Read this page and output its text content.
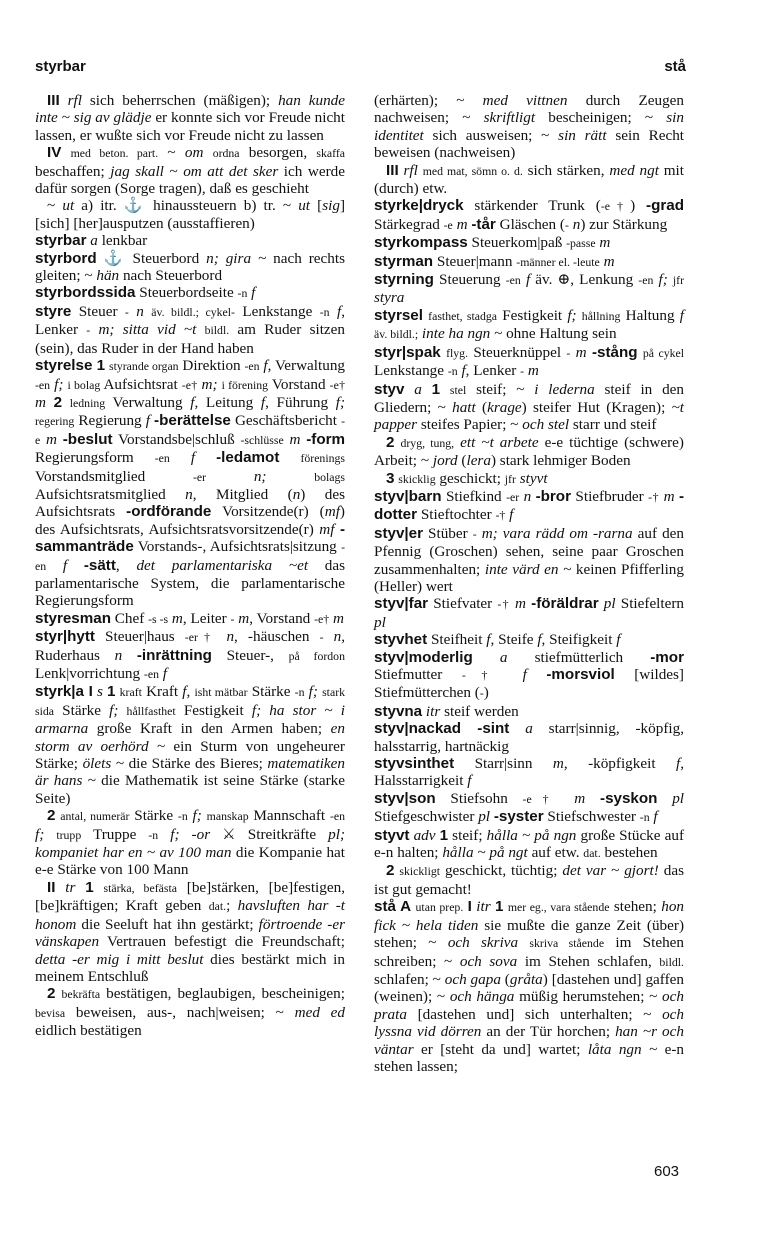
styrbar	stå

III rfl sich beherrschen (mäßigen); han kunde inte ~ sig av glädje er konnte sich vor Freude nicht lassen, er wußte sich vor Freude nicht zu lassen

IV med beton. part. ~ om ordna besorgen, skaffa beschaffen; jag skall ~ om att det sker ich werde dafür sorgen (Sorge tragen), daß es geschieht

~ ut a) itr. ⚓ hinaussteuern b) tr. ~ ut [sig] [sich] [her]ausputzen (ausstaffieren)

styrbar a lenkbar

styrbord ⚓ Steuerbord n; gira ~ nach rechts gleiten; ~ hän nach Steuerbord

styrbordssida Steuerbordseite -n f

styre Steuer - n äv. bildl.; cykel- Lenkstange -n f, Lenker - m; sitta vid ~t bildl. am Ruder sitzen (sein), das Ruder in der Hand haben

styrelse 1 styrande organ Direktion -en f, Verwaltung -en f; i bolag Aufsichtsrat -e† m; i förening Vorstand -e† m 2 ledning Verwaltung f, Leitung f, Führung f; regering Regierung f -berättelse Geschäftsbericht -e m -beslut Vorstandsbe|schluß -schlüsse m -form Regierungsform -en f -ledamot förenings Vorstandsmitglied -er	n;	bolags Aufsichtsratsmitglied n, Mitglied (n) des Aufsichtsrats -ordförande Vorsitzende(r) (mf) des Aufsichtsrats, Aufsichtsratsvorsitzende(r) mf -sammanträde Vorstands-, Aufsichtsrats|sitzung -en f -sätt, det parlamentariska ~et das parlamentarische System, die parlamentarische Regierungsform

styresman Chef -s -s m, Leiter - m, Vorstand -e† m

styr|hytt Steuer|haus -er† n, -häuschen - n, Ruderhaus n -inrättning Steuer-, på fordon Lenk|vorrichtung -en f

styrk|a I s 1 kraft Kraft f, isht mätbar Stärke -n f; stark sida Stärke f; hållfasthet Festigkeit f; ha stor ~ i armarna große Kraft in den Armen haben; en storm av oerhörd ~ ein Sturm von ungeheurer Stärke; ölets ~ die Stärke des Bieres; matematiken är hans ~ die Mathematik ist seine Stärke (starke Seite)

2 antal, numerär Stärke -n f; manskap Mannschaft -en f; trupp Truppe -n f; -or ⚔ Streitkräfte pl; kompaniet har en ~ av 100 man die Kompanie hat e-e Stärke von 100 Mann

II tr 1 stärka, befästa [be]stärken, [be]festigen, [be]kräftigen; Kraft geben dat.; havsluften har -t honom die Seeluft hat ihn gestärkt; förtroende -er vänskapen Vertrauen befestigt die Freundschaft; detta -er mig i mitt beslut dies bestärkt mich in meinem Entschluß

2 bekräfta bestätigen, beglaubigen, bescheinigen; bevisa beweisen, aus-, nach|weisen; ~ med ed eidlich bestätigen

(erhärten); ~ med vittnen durch Zeugen nachweisen; ~ skriftligt bescheinigen; ~ sin identitet sich ausweisen; ~ sin rätt sein Recht beweisen (nachweisen)

III rfl med mat, sömn o. d. sich stärken, med ngt mit (durch) etw.

styrke|dryck stärkender Trunk (-e†) -grad Stärkegrad -e m -tår Gläschen (- n) zur Stärkung

styrkompass Steuerkom|paß -passe m

styrman Steuer|mann -männer el. -leute m

styrning Steuerung -en f äv. ⊕, Lenkung -en f; jfr styra

styrsel fasthet, stadga Festigkeit f; hållning Haltung f äv. bildl.; inte ha ngn ~ ohne Haltung sein

styr|spak flyg. Steuerknüppel - m -stång på cykel Lenkstange -n f, Lenker - m

styv a 1 stel steif; ~ i lederna steif in den Gliedern; ~ hatt (krage) steifer Hut (Kragen); ~t papper steifes Papier; ~ och stel starr und steif

2 dryg, tung, ett ~t arbete e-e tüchtige (schwere) Arbeit; ~ jord (lera) stark lehmiger Boden

3 skicklig geschickt; jfr styvt

styv|barn Stiefkind -er n -bror Stiefbruder -† m -dotter Stieftochter -† f

styv|er Stüber - m; vara rädd om -rarna auf den Pfennig (Groschen) sehen, seine paar Groschen zusammenhalten; inte värd en ~ keinen Pfifferling (Heller) wert

styv|far Stiefvater -† m -föräldrar pl Stiefeltern pl

styvhet Steifheit f, Steife f, Steifigkeit f

styv|moderlig a stiefmütterlich -mor Stiefmutter -† f -morsviol [wildes] Stiefmütterchen (-)

styvna itr steif werden

styv|nackad -sint a starr|sinnig, -köpfig, halsstarrig, hartnäckig

styvsinthet Starr|sinn m, -köpfigkeit f, Halsstarrigkeit f

styv|son Stiefsohn -e† m -syskon pl Stiefgeschwister pl -syster Stiefschwester -n f

styvt adv 1 steif; hålla ~ på ngn große Stücke auf e-n halten; hålla ~ på ngt auf etw. dat. bestehen

2 skickligt geschickt, tüchtig; det var ~ gjort! das ist gut gemacht!

stå A utan prep. I itr 1 mer eg., vara stående stehen; hon fick ~ hela tiden sie mußte die ganze Zeit (über) stehen; ~ och skriva skriva stående im Stehen schreiben; ~ och sova im Stehen schlafen, bildl. schlafen; ~ och gapa (gråta) [dastehen und] gaffen (weinen); ~ och hänga müßig herumstehen; ~ och prata [dastehen und] sich unterhalten; ~ och lyssna vid dörren an der Tür horchen; han ~r och väntar er [steht da und] wartet; låta ngn ~ e-n stehen lassen;

603
